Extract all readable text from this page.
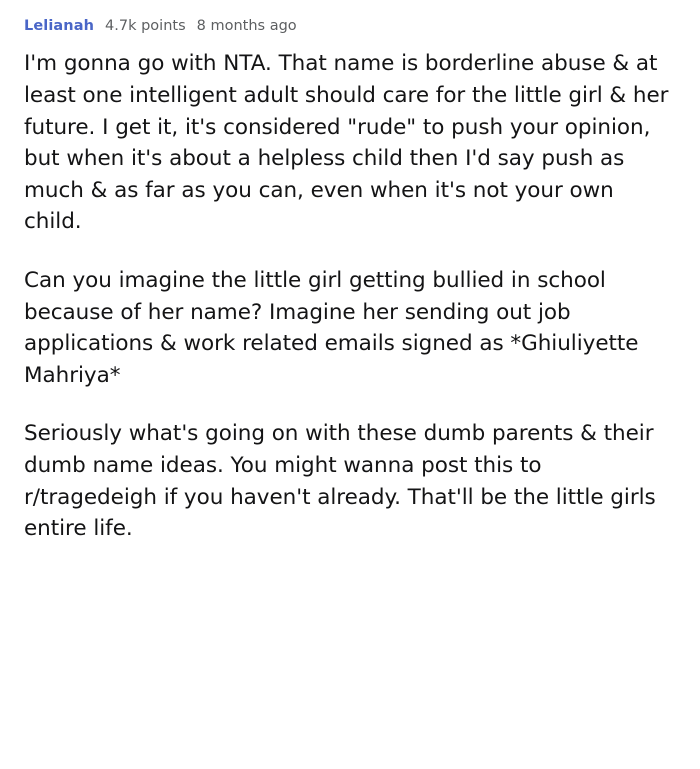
Lelianah 4.7k points 8 months ago

I'm gonna go with NTA. That name is borderline abuse & at least one intelligent adult should care for the little girl & her future. I get it, it's considered "rude" to push your opinion, but when it's about a helpless child then I'd say push as much & as far as you can, even when it's not your own child.

Can you imagine the little girl getting bullied in school because of her name? Imagine her sending out job applications & work related emails signed as *Ghiuliyette Mahriya*

Seriously what's going on with these dumb parents & their dumb name ideas. You might wanna post this to r/tragedeigh if you haven't already. That'll be the little girls entire life.
